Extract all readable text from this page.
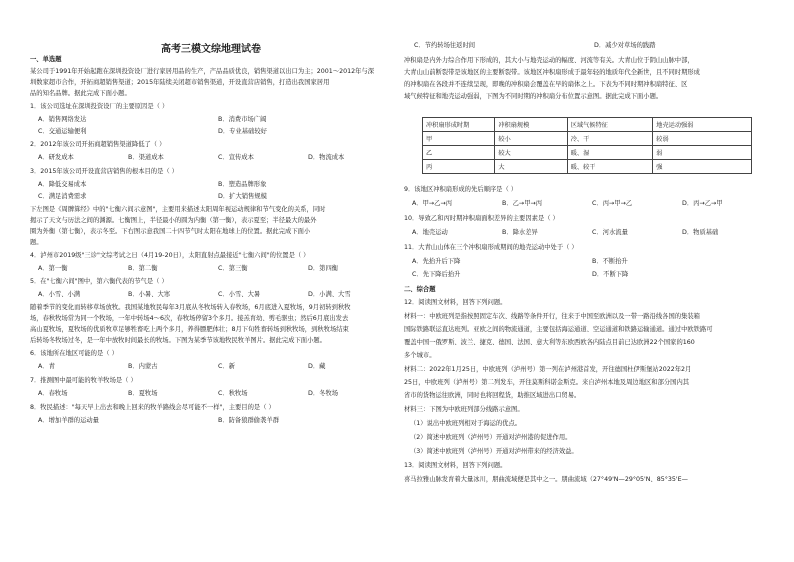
高考三模文综地理试卷
一、单选题
某公司于1991年开始起跑在深圳投资设厂进行家居用品的生产，产品品质优良，销售渠道以出口为主；2001～2012年与深
圳数家超市合作，开拓商超销售渠道；2015年陆续关闭超市销售渠道，开设直营店销售，打造出我国家居用
品的知名品牌。据此完成下面小题。
1．该公司选址在深圳投资设厂的主要原因是（ ）
A．销售网络发达	B．消费市场广阔
C．交通运输便利	D．专业基础较好
2．2012年该公司开拓商超销售渠道降低了（ ）
A．研发成本	B．渠道成本	C．宣传成本	D．物流成本
3．2015年该公司开设直营店销售的根本目的是（ ）
A．降低交易成本	B．塑造品牌形象
C．满足消费需求	D．扩大销售规模
下左图是《周髀算经》中的"七衡六间示意图"，主要用来描述太阳周年视运动规律和节气变化的关系，同时
揭示了天文与历法之间的渊源。七衡图上，半径最小的圆为内衡（第一衡），表示夏至；半径最大的最外
圈为外衡（第七衡），表示冬至。下右图示意我国二十四节气时太阳在地球上的位置。据此完成下面小
题。
4．泸州市2019级"三诊"文综考试之日（4月19-20日），太阳直射点最接近"七衡六间"的位置是（ ）
A．第一衡	B．第二衡	C．第三衡	D．第四衡
5．在"七衡六间"图中，第六衡代表的节气是（ ）
A．小雪、小满	B．小暑、大寒	C．小雪、大暑	D．小满、大雪
随着季节的变化而转移草场放牧。我国某地牧民每年3月底从冬牧场转入春牧场，6月底进入夏牧场，9月初转到秋牧
场，春秋牧场常为同一个牧场，一年中转场4～6次，春牧场停留3个多月。接羔育幼、剪毛驱虫；然后6月底出发去
高山夏牧场，夏牧场的优质牧草足够牲畜吃上两个多月，养得膘肥体壮；8月下旬牲畜转场到秋牧场，到秋牧场结束
后转场冬牧场过冬，是一年中放牧时间最长的牧场。下图为某季节该地牧民牧羊图片。据此完成下面小题。
6．该地所在地区可能的是（ ）
A．青	B．内蒙古	C．新	D．藏
7．推测图中最可能的牧羊牧场是（ ）
A．春牧场	B．夏牧场	C．秋牧场	D．冬牧场
8．牧民描述："每天早上出去和晚上回来的牧羊路线会尽可能不一样"，主要目的是（ ）
A．增加羊群的运动量	B．防备狼群偷袭羊群
C．节约转场往返时间	D．减少对草场的践踏
冲积扇是内外力综合作用下形成的，其大小与地壳运动的幅度、河流等有关。大青山位于阴山山脉中部，
大青山山前断裂带是该地区的主要断裂带。该地区冲积扇形成于最年轻的地质年代全新世，且不同时期形成
的冲积扇在各段并不连续呈现，即晚的冲积扇会覆盖在早的扇体之上。下表为不同时期冲积扇特征、区
域气候特征和地壳运动强弱，下图为不同时期的冲积扇分布位置示意图。据此完成下面小题。
冲积扇形成时期	冲积扇规模	区域气候特征	地壳运动强弱
甲	较小	冷、干	较弱
乙	较大	暖、湿	弱
丙	大	暖、较干	强
9．该地区冲积扇形成的先后顺序是（ ）
A．甲→乙→丙	B．乙→甲→丙	C．丙→甲→乙	D．丙→乙→甲
10．导致乙和丙时期冲积扇面积差异的主要因素是（ ）
A．地壳运动	B．降水差异	C．河水流量	D．物质基础
11．大青山山体在三个冲积扇形成期间的地壳运动中处于（ ）
A．先抬升后下降	B．不断抬升
C．先下降后抬升	D．不断下降
二、综合题
12．阅读图文材料，回答下列问题。
材料一：中欧班列是指按照固定车次、线路等条件开行，往来于中国至欧洲以及一带一路沿线各国的集装箱
国际铁路联运直达班列。亚欧之间的物流通道，主要包括海运通道、空运通道和铁路运输通道。通过中欧铁路可
覆盖中国一俄罗斯、波兰、捷克、德国、法国、意大利等东欧西欧各内陆点目前已达欧洲22个国家的160
多个城市。
材料二：2022年1月25日，中欧班列（泸州号）第一列在泸州港首发，开往德国杜伊斯堡站2022年2月
25日，中欧班列（泸州号）第二列发车，开往莫斯科诺金斯克。来自泸州本地及周边地区和部分国内其
省市的货物运往欧洲，同时也将回程货，助推区域进出口贸易。
材料三：下图为中欧班列部分线路示意图。
（1）说出中欧班列相对于海运的优点。
（2）简述中欧班列（泸州号）开通对泸州港的促进作用。
（3）简述中欧班列（泸州号）开通对泸州带来的经济效益。
13．阅读图文材料，回答下列问题。
喜马拉雅山脉发育着大量冰川，朋曲流域便是其中之一。朋曲流域（27°49'N—29°05'N、85°35'E—
